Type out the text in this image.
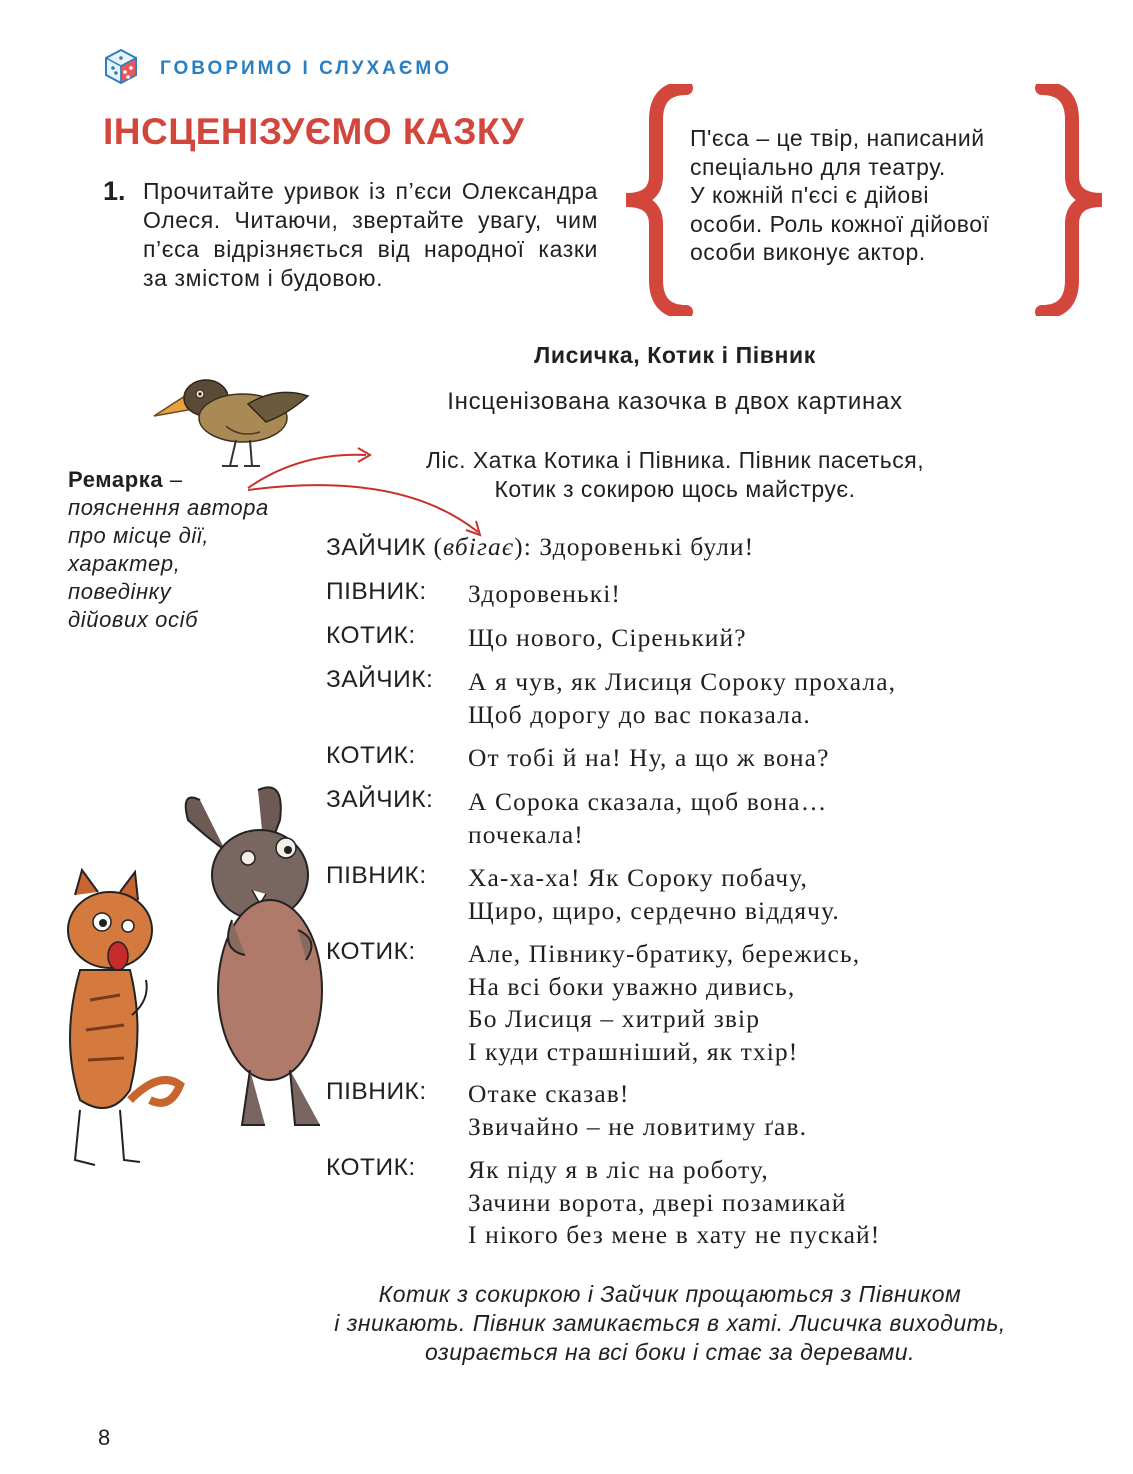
ГОВОРИМО І СЛУХАЄМО
ІНСЦЕНІЗУЄМО КАЗКУ
1. Прочитайте уривок із п’єси Олександра Олеся. Читаючи, звертайте увагу, чим п’єса відрізняється від народної казки за змістом і будовою.
П'єса – це твір, написаний
спеціально для театру.
У кожній п'єсі є дійові
особи. Роль кожної дійової
особи виконує актор.
Лисичка, Котик і Півник
Інсценізована казочка в двох картинах
Ліс. Хатка Котика і Півника. Півник пасеться,
Котик з сокирою щось майструє.
Ремарка –
пояснення автора
про місце дії,
характер,
поведінку
дійових осіб
ЗАЙЧИК (вбігає): Здоровенькі були!
ПІВНИК: Здоровенькі!
КОТИК: Що нового, Сіренький?
ЗАЙЧИК: А я чув, як Лисиця Сороку прохала,
Щоб дорогу до вас показала.
КОТИК: От тобі й на! Ну, а що ж вона?
ЗАЙЧИК: А Сорока сказала, щоб вона…
почекала!
ПІВНИК: Ха-ха-ха! Як Сороку побачу,
Щиро, щиро, сердечно віддячу.
КОТИК: Але, Півнику-братику, бережись,
На всі боки уважно дивись,
Бо Лисиця – хитрий звір
І куди страшніший, як тхір!
ПІВНИК: Отаке сказав!
Звичайно – не ловитиму ґав.
КОТИК: Як піду я в ліс на роботу,
Зачини ворота, двері позамикай
І нікого без мене в хату не пускай!
Котик з сокиркою і Зайчик прощаються з Півником
і зникають. Півник замикається в хаті. Лисичка виходить,
озирається на всі боки і стає за деревами.
8
